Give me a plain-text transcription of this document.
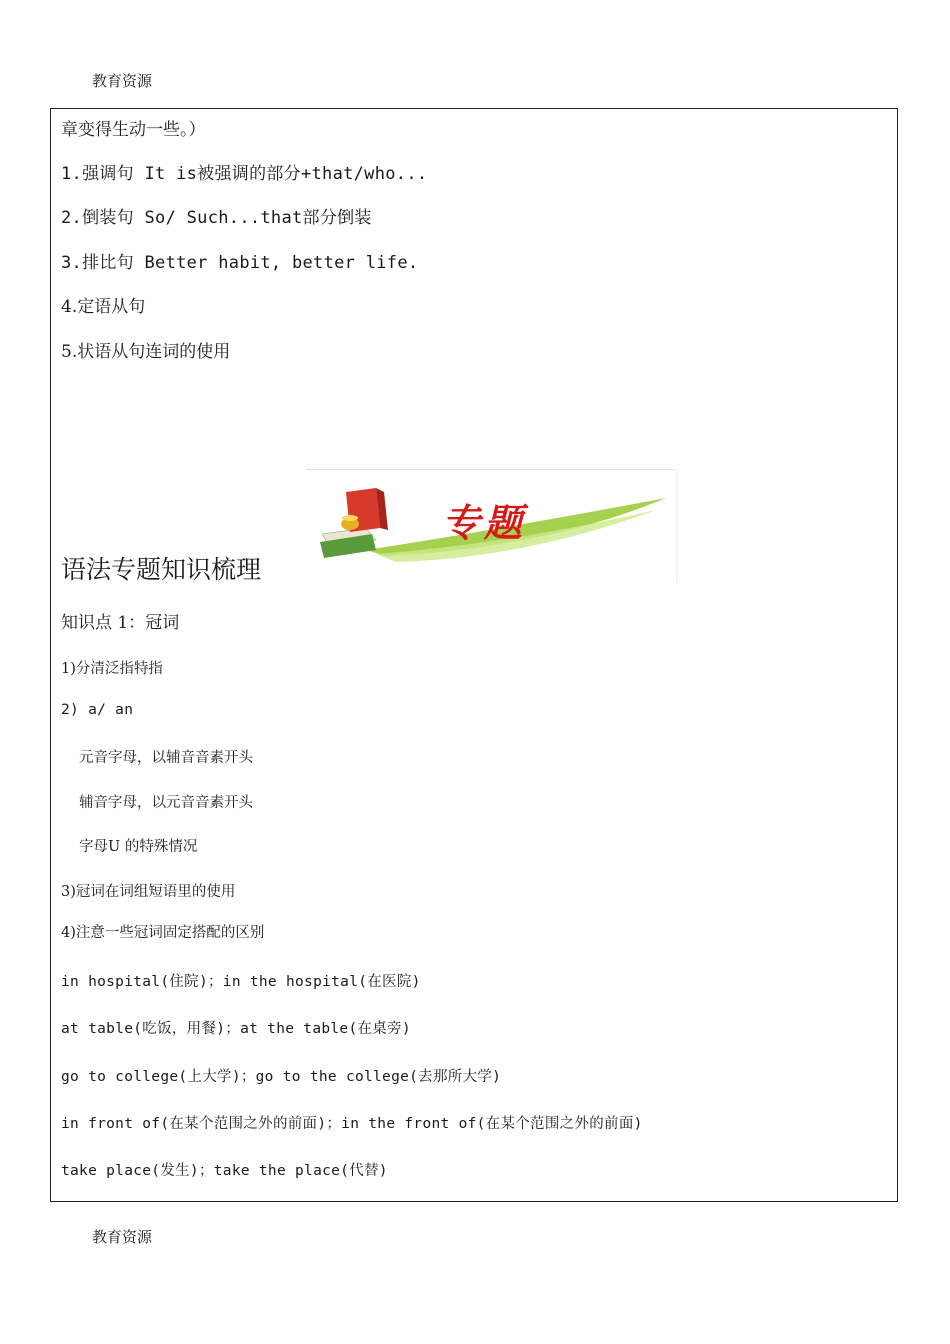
教育资源
章变得生动一些。）
1.强调句 It is被强调的部分+that/who...
2.倒装句 So/ Such...that部分倒装
3.排比句 Better habit, better life.
4.定语从句
5.状语从句连词的使用
专题
语法专题知识梳理
知识点 1：冠词
1)分清泛指特指
2) a/ an
元音字母，以辅音音素开头
辅音字母，以元音音素开头
字母U 的特殊情况
3)冠词在词组短语里的使用
4)注意一些冠词固定搭配的区别
in hospital(住院)；in the hospital(在医院)
at table(吃饭，用餐)；at the table(在桌旁)
go to college(上大学)；go to the college(去那所大学)
in front of(在某个范围之外的前面)；in the front of(在某个范围之外的前面)
take place(发生)；take the place(代替)
教育资源
